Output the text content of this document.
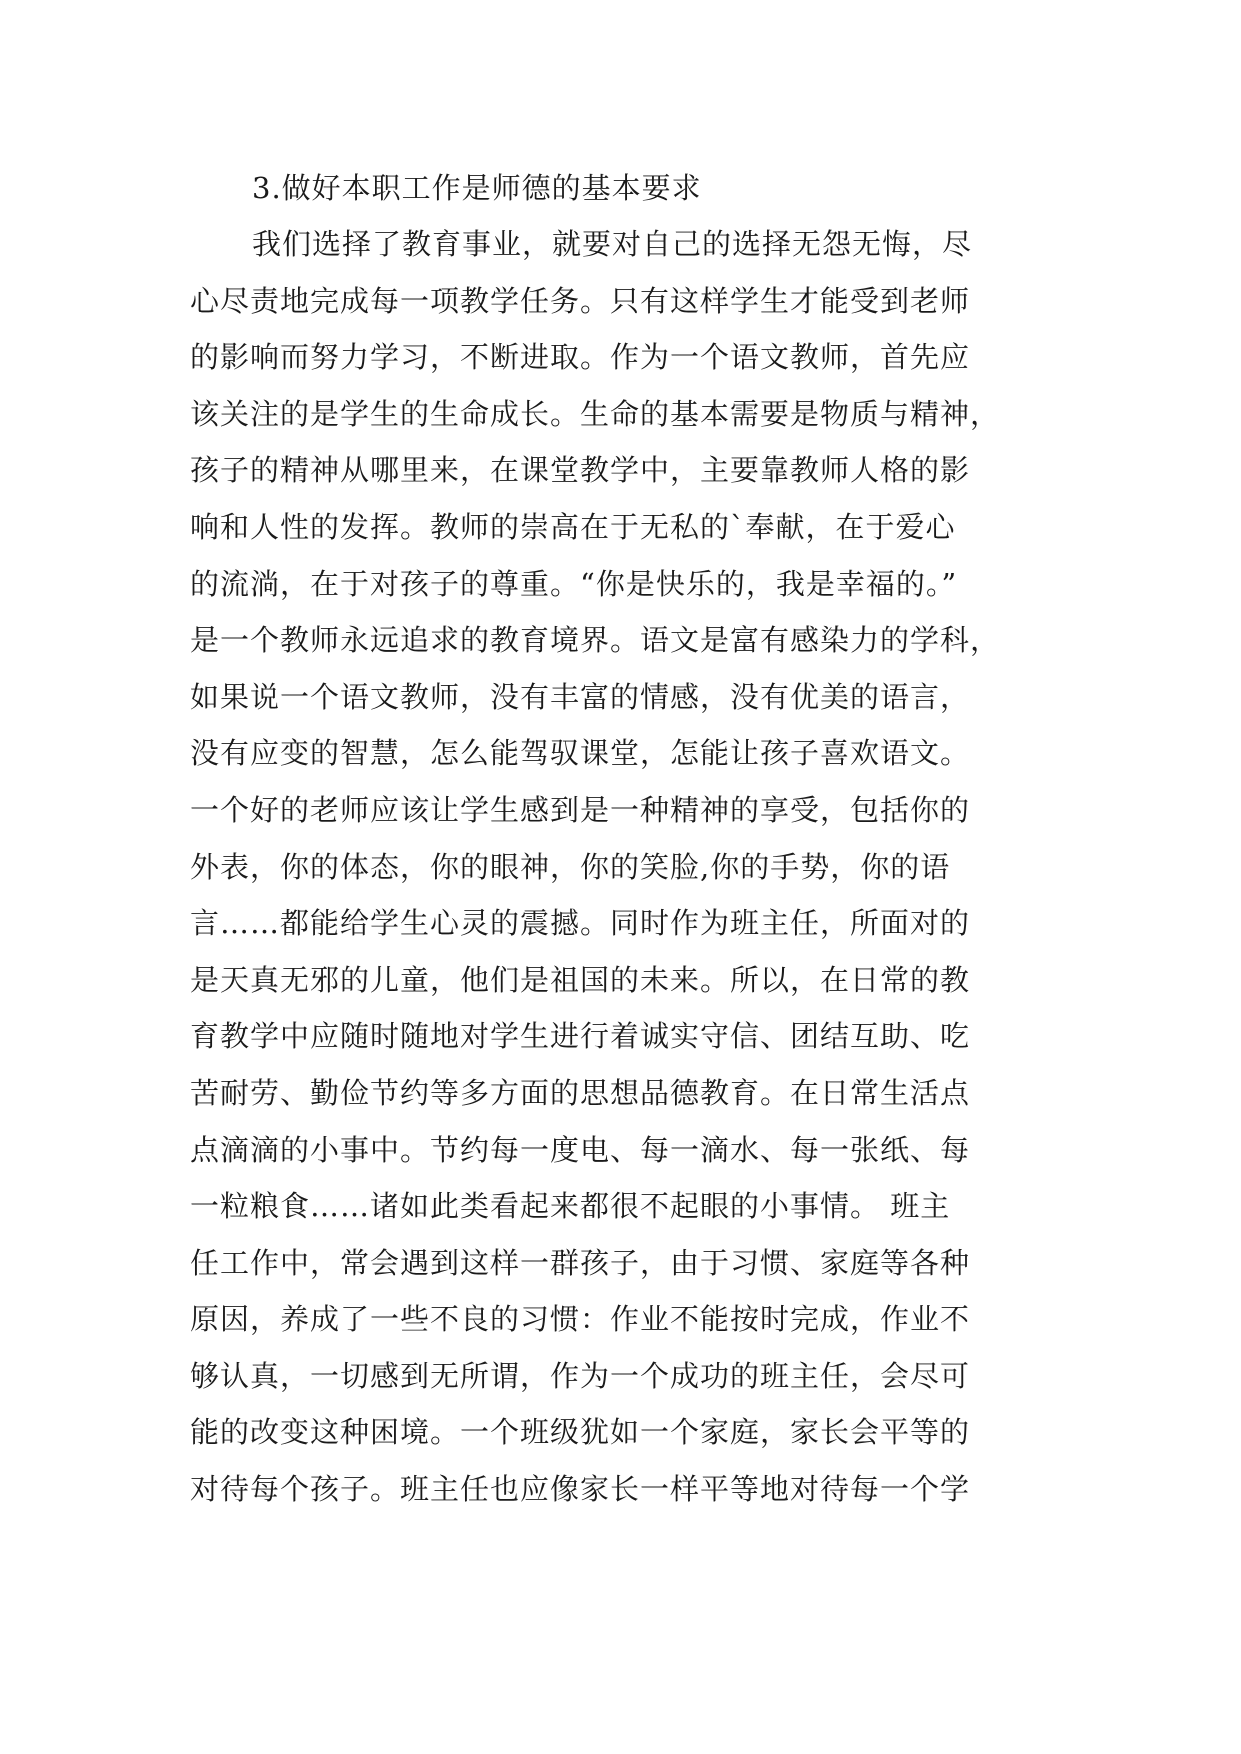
3.做好本职工作是师德的基本要求

我们选择了教育事业，就要对自己的选择无怨无悔，尽

心尽责地完成每一项教学任务。只有这样学生才能受到老师

的影响而努力学习，不断进取。作为一个语文教师，首先应

该关注的是学生的生命成长。生命的基本需要是物质与精神，

孩子的精神从哪里来，在课堂教学中，主要靠教师人格的影

响和人性的发挥。教师的崇高在于无私的`奉献，在于爱心

的流淌，在于对孩子的尊重。“你是快乐的，我是幸福的。”

是一个教师永远追求的教育境界。语文是富有感染力的学科，

如果说一个语文教师，没有丰富的情感，没有优美的语言，

没有应变的智慧，怎么能驾驭课堂，怎能让孩子喜欢语文。

一个好的老师应该让学生感到是一种精神的享受，包括你的

外表，你的体态，你的眼神，你的笑脸,你的手势，你的语

言……都能给学生心灵的震撼。同时作为班主任，所面对的

是天真无邪的儿童，他们是祖国的未来。所以，在日常的教

育教学中应随时随地对学生进行着诚实守信、团结互助、吃

苦耐劳、勤俭节约等多方面的思想品德教育。在日常生活点

点滴滴的小事中。节约每一度电、每一滴水、每一张纸、每

一粒粮食……诸如此类看起来都很不起眼的小事情。 班主

任工作中，常会遇到这样一群孩子，由于习惯、家庭等各种

原因，养成了一些不良的习惯：作业不能按时完成，作业不

够认真，一切感到无所谓，作为一个成功的班主任，会尽可

能的改变这种困境。一个班级犹如一个家庭，家长会平等的

对待每个孩子。班主任也应像家长一样平等地对待每一个学
